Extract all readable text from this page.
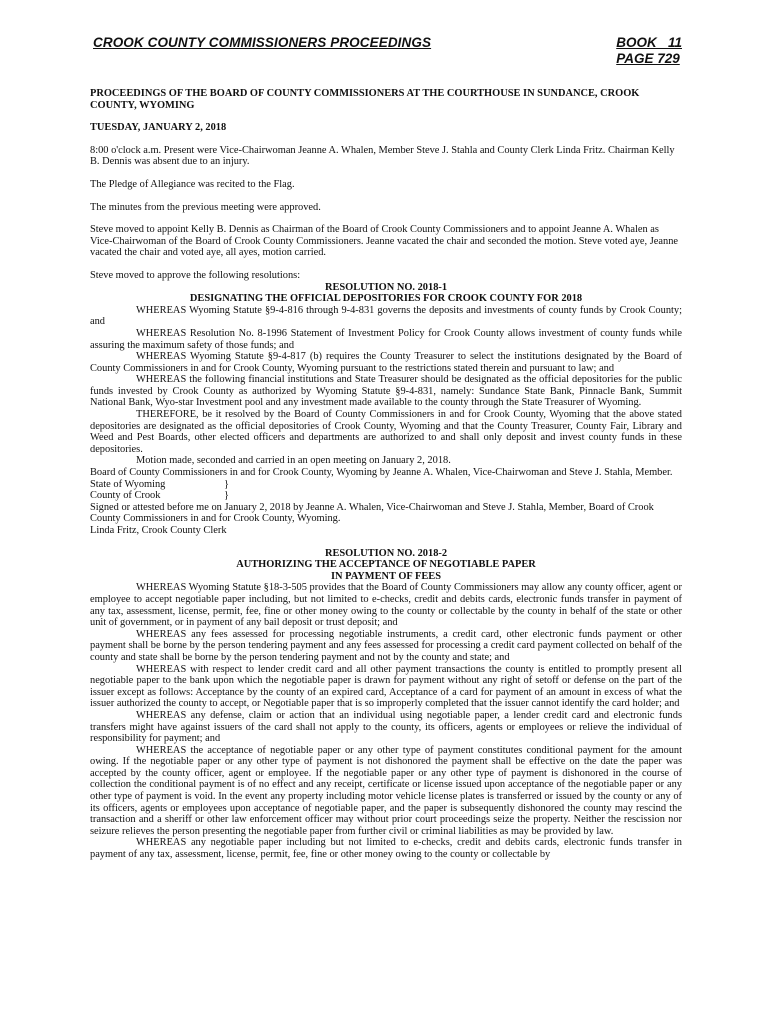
CROOK COUNTY COMMISSIONERS PROCEEDINGS	BOOK   11
PAGE 729

PROCEEDINGS OF THE BOARD OF COUNTY COMMISSIONERS AT THE COURTHOUSE IN SUNDANCE, CROOK COUNTY, WYOMING

TUESDAY, JANUARY 2, 2018

8:00 o'clock a.m. Present were Vice-Chairwoman Jeanne A. Whalen, Member Steve J. Stahla and County Clerk Linda Fritz. Chairman Kelly B. Dennis was absent due to an injury.

The Pledge of Allegiance was recited to the Flag.

The minutes from the previous meeting were approved.

Steve moved to appoint Kelly B. Dennis as Chairman of the Board of Crook County Commissioners and to appoint Jeanne A. Whalen as Vice-Chairwoman of the Board of Crook County Commissioners. Jeanne vacated the chair and seconded the motion. Steve voted aye, Jeanne vacated the chair and voted aye, all ayes, motion carried.

Steve moved to approve the following resolutions:

RESOLUTION NO. 2018-1

DESIGNATING THE OFFICIAL DEPOSITORIES FOR CROOK COUNTY FOR 2018

WHEREAS Wyoming Statute §9-4-816 through 9-4-831 governs the deposits and investments of county funds by Crook County; and

WHEREAS Resolution No. 8-1996 Statement of Investment Policy for Crook County allows investment of county funds while assuring the maximum safety of those funds; and

WHEREAS Wyoming Statute §9-4-817 (b) requires the County Treasurer to select the institutions designated by the Board of County Commissioners in and for Crook County, Wyoming pursuant to the restrictions stated therein and pursuant to law; and

WHEREAS the following financial institutions and State Treasurer should be designated as the official depositories for the public funds invested by Crook County as authorized by Wyoming Statute §9-4-831, namely: Sundance State Bank, Pinnacle Bank, Summit National Bank, Wyo-star Investment pool and any investment made available to the county through the State Treasurer of Wyoming.

THEREFORE, be it resolved by the Board of County Commissioners in and for Crook County, Wyoming that the above stated depositories are designated as the official depositories of Crook County, Wyoming and that the County Treasurer, County Fair, Library and Weed and Pest Boards, other elected officers and departments are authorized to and shall only deposit and invest county funds in these depositories.

Motion made, seconded and carried in an open meeting on January 2, 2018.

Board of County Commissioners in and for Crook County, Wyoming by Jeanne A. Whalen, Vice-Chairwoman and Steve J. Stahla, Member.

State of Wyoming	}
County of Crook	}

Signed or attested before me on January 2, 2018 by Jeanne A. Whalen, Vice-Chairwoman and Steve J. Stahla, Member, Board of Crook County Commissioners in and for Crook County, Wyoming.

Linda Fritz, Crook County Clerk

RESOLUTION NO. 2018-2

AUTHORIZING THE ACCEPTANCE OF NEGOTIABLE PAPER

IN PAYMENT OF FEES

WHEREAS Wyoming Statute §18-3-505 provides that the Board of County Commissioners may allow any county officer, agent or employee to accept negotiable paper including, but not limited to e-checks, credit and debits cards, electronic funds transfer in payment of any tax, assessment, license, permit, fee, fine or other money owing to the county or collectable by the county in behalf of the state or other unit of government, or in payment of any bail deposit or trust deposit; and

WHEREAS any fees assessed for processing negotiable instruments, a credit card, other electronic funds payment or other payment shall be borne by the person tendering payment and any fees assessed for processing a credit card payment collected on behalf of the county and state shall be borne by the person tendering payment and not by the county and state; and

WHEREAS with respect to lender credit card and all other payment transactions the county is entitled to promptly present all negotiable paper to the bank upon which the negotiable paper is drawn for payment without any right of setoff or defense on the part of the issuer except as follows: Acceptance by the county of an expired card, Acceptance of a card for payment of an amount in excess of what the issuer authorized the county to accept, or Negotiable paper that is so improperly completed that the issuer cannot identify the card holder; and

WHEREAS any defense, claim or action that an individual using negotiable paper, a lender credit card and electronic funds transfers might have against issuers of the card shall not apply to the county, its officers, agents or employees or relieve the individual of responsibility for payment; and

WHEREAS the acceptance of negotiable paper or any other type of payment constitutes conditional payment for the amount owing. If the negotiable paper or any other type of payment is not dishonored the payment shall be effective on the date the paper was accepted by the county officer, agent or employee. If the negotiable paper or any other type of payment is dishonored in the course of collection the conditional payment is of no effect and any receipt, certificate or license issued upon acceptance of the negotiable paper or any other type of payment is void. In the event any property including motor vehicle license plates is transferred or issued by the county or any of its officers, agents or employees upon acceptance of negotiable paper, and the paper is subsequently dishonored the county may rescind the transaction and a sheriff or other law enforcement officer may without prior court proceedings seize the property. Neither the rescission nor seizure relieves the person presenting the negotiable paper from further civil or criminal liabilities as may be provided by law.

WHEREAS any negotiable paper including but not limited to e-checks, credit and debits cards, electronic funds transfer in payment of any tax, assessment, license, permit, fee, fine or other money owing to the county or collectable by
